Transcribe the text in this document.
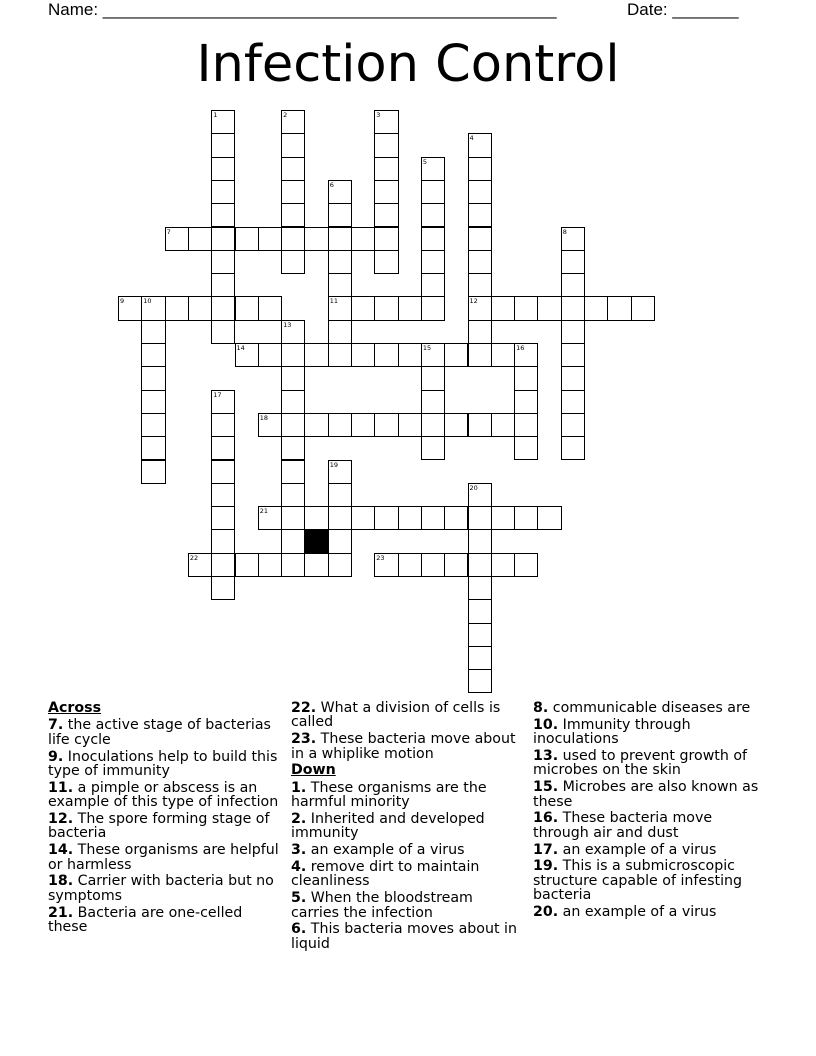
Name: ________________________________________________	Date: _______
Infection Control
1	2	3
4
12
5
6
11
7	8
9	10
13
14	15	16
17
18
19
20
21
22	23
Across
7. the active stage of bacterias life cycle
9. Inoculations help to build this type of immunity
11. a pimple or abscess is an example of this type of infection
12. The spore forming stage of bacteria
14. These organisms are helpful or harmless
18. Carrier with bacteria but no symptoms
21. Bacteria are one-celled these
22. What a division of cells is called
23. These bacteria move about in a whiplike motion
Down
1. These organisms are the harmful minority
2. Inherited and developed immunity
3. an example of a virus
4. remove dirt to maintain cleanliness
5. When the bloodstream carries the infection
6. This bacteria moves about in liquid
8. communicable diseases are
10. Immunity through inoculations
13. used to prevent growth of microbes on the skin
15. Microbes are also known as these
16. These bacteria move through air and dust
17. an example of a virus
19. This is a submicroscopic structure capable of infesting bacteria
20. an example of a virus
